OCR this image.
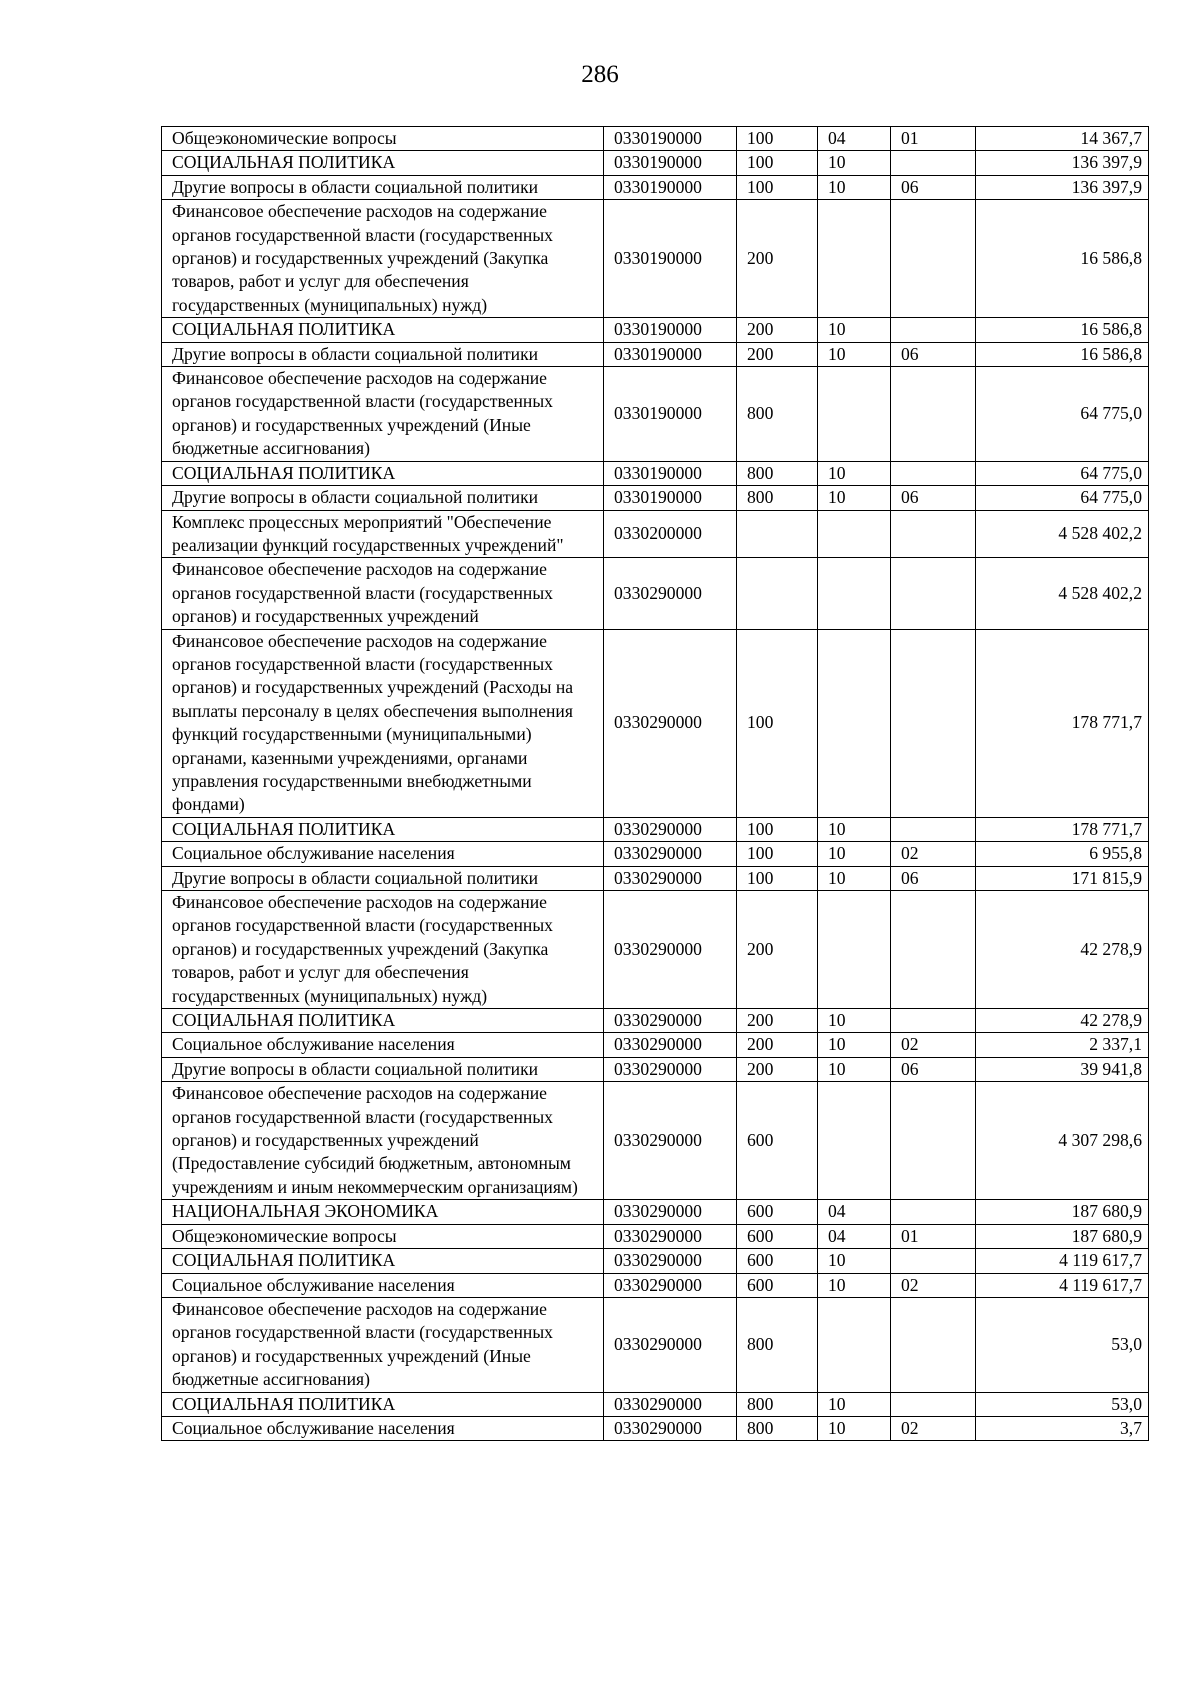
286
Общеэкономические вопросы	0330190000	100	04	01	14 367,7
СОЦИАЛЬНАЯ ПОЛИТИКА	0330190000	100	10		136 397,9
Другие вопросы в области социальной политики	0330190000	100	10	06	136 397,9
Финансовое обеспечение расходов на содержание органов государственной власти (государственных органов) и государственных учреждений (Закупка товаров, работ и услуг для обеспечения государственных (муниципальных) нужд)	0330190000	200			16 586,8
СОЦИАЛЬНАЯ ПОЛИТИКА	0330190000	200	10		16 586,8
Другие вопросы в области социальной политики	0330190000	200	10	06	16 586,8
Финансовое обеспечение расходов на содержание органов государственной власти (государственных органов) и государственных учреждений (Иные бюджетные ассигнования)	0330190000	800			64 775,0
СОЦИАЛЬНАЯ ПОЛИТИКА	0330190000	800	10		64 775,0
Другие вопросы в области социальной политики	0330190000	800	10	06	64 775,0
Комплекс процессных мероприятий "Обеспечение реализации функций государственных учреждений"	0330200000				4 528 402,2
Финансовое обеспечение расходов на содержание органов государственной власти (государственных органов) и государственных учреждений	0330290000				4 528 402,2
Финансовое обеспечение расходов на содержание органов государственной власти (государственных органов) и государственных учреждений (Расходы на выплаты персоналу в целях обеспечения выполнения функций государственными (муниципальными) органами, казенными учреждениями, органами управления государственными внебюджетными фондами)	0330290000	100			178 771,7
СОЦИАЛЬНАЯ ПОЛИТИКА	0330290000	100	10		178 771,7
Социальное обслуживание населения	0330290000	100	10	02	6 955,8
Другие вопросы в области социальной политики	0330290000	100	10	06	171 815,9
Финансовое обеспечение расходов на содержание органов государственной власти (государственных органов) и государственных учреждений (Закупка товаров, работ и услуг для обеспечения государственных (муниципальных) нужд)	0330290000	200			42 278,9
СОЦИАЛЬНАЯ ПОЛИТИКА	0330290000	200	10		42 278,9
Социальное обслуживание населения	0330290000	200	10	02	2 337,1
Другие вопросы в области социальной политики	0330290000	200	10	06	39 941,8
Финансовое обеспечение расходов на содержание органов государственной власти (государственных органов) и государственных учреждений (Предоставление субсидий бюджетным, автономным учреждениям и иным некоммерческим организациям)	0330290000	600			4 307 298,6
НАЦИОНАЛЬНАЯ ЭКОНОМИКА	0330290000	600	04		187 680,9
Общеэкономические вопросы	0330290000	600	04	01	187 680,9
СОЦИАЛЬНАЯ ПОЛИТИКА	0330290000	600	10		4 119 617,7
Социальное обслуживание населения	0330290000	600	10	02	4 119 617,7
Финансовое обеспечение расходов на содержание органов государственной власти (государственных органов) и государственных учреждений (Иные бюджетные ассигнования)	0330290000	800			53,0
СОЦИАЛЬНАЯ ПОЛИТИКА	0330290000	800	10		53,0
Социальное обслуживание населения	0330290000	800	10	02	3,7
